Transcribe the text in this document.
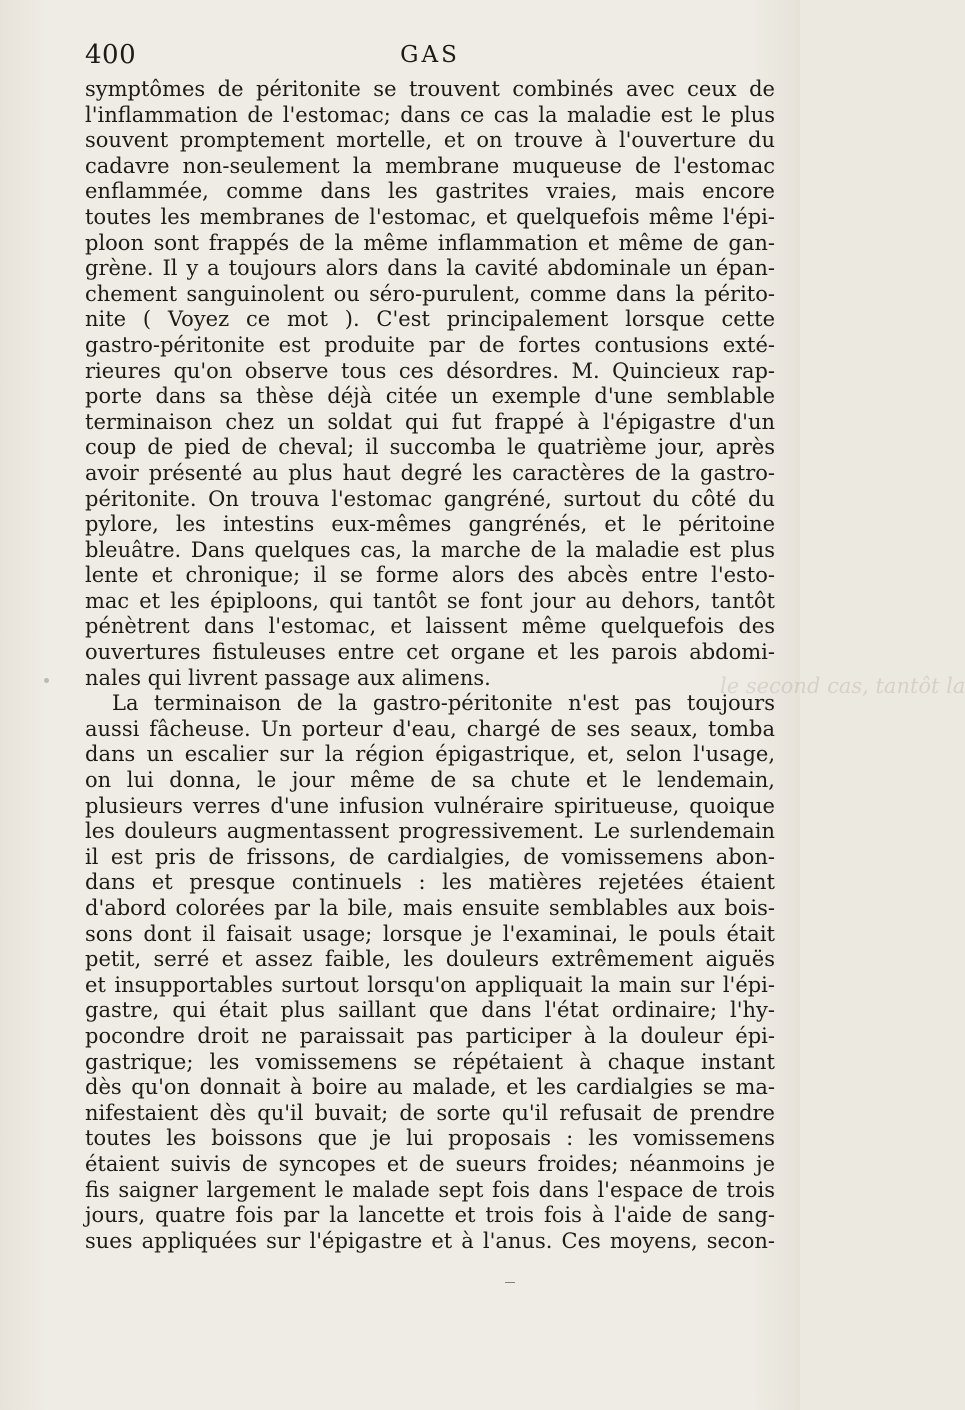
400	GAS
symptômes de péritonite se trouvent combinés avec ceux de
l'inflammation de l'estomac; dans ce cas la maladie est le plus
souvent promptement mortelle, et on trouve à l'ouverture du
cadavre non-seulement la membrane muqueuse de l'estomac
enflammée, comme dans les gastrites vraies, mais encore
toutes les membranes de l'estomac, et quelquefois même l'épi-
ploon sont frappés de la même inflammation et même de gan-
grène. Il y a toujours alors dans la cavité abdominale un épan-
chement sanguinolent ou séro-purulent, comme dans la périto-
nite ( Voyez ce mot ). C'est principalement lorsque cette
gastro-péritonite est produite par de fortes contusions exté-
rieures qu'on observe tous ces désordres. M. Quincieux rap-
porte dans sa thèse déjà citée un exemple d'une semblable
terminaison chez un soldat qui fut frappé à l'épigastre d'un
coup de pied de cheval; il succomba le quatrième jour, après
avoir présenté au plus haut degré les caractères de la gastro-
péritonite. On trouva l'estomac gangréné, surtout du côté du
pylore, les intestins eux-mêmes gangrénés, et le péritoine
bleuâtre. Dans quelques cas, la marche de la maladie est plus
lente et chronique; il se forme alors des abcès entre l'esto-
mac et les épiploons, qui tantôt se font jour au dehors, tantôt
pénètrent dans l'estomac, et laissent même quelquefois des
ouvertures fistuleuses entre cet organe et les parois abdomi-
nales qui livrent passage aux alimens.
La terminaison de la gastro-péritonite n'est pas toujours
aussi fâcheuse. Un porteur d'eau, chargé de ses seaux, tomba
dans un escalier sur la région épigastrique, et, selon l'usage,
on lui donna, le jour même de sa chute et le lendemain,
plusieurs verres d'une infusion vulnéraire spiritueuse, quoique
les douleurs augmentassent progressivement. Le surlendemain
il est pris de frissons, de cardialgies, de vomissemens abon-
dans et presque continuels : les matières rejetées étaient
d'abord colorées par la bile, mais ensuite semblables aux bois-
sons dont il faisait usage; lorsque je l'examinai, le pouls était
petit, serré et assez faible, les douleurs extrêmement aiguës
et insupportables surtout lorsqu'on appliquait la main sur l'épi-
gastre, qui était plus saillant que dans l'état ordinaire; l'hy-
pocondre droit ne paraissait pas participer à la douleur épi-
gastrique; les vomissemens se répétaient à chaque instant
dès qu'on donnait à boire au malade, et les cardialgies se ma-
nifestaient dès qu'il buvait; de sorte qu'il refusait de prendre
toutes les boissons que je lui proposais : les vomissemens
étaient suivis de syncopes et de sueurs froides; néanmoins je
fis saigner largement le malade sept fois dans l'espace de trois
jours, quatre fois par la lancette et trois fois à l'aide de sang-
sues appliquées sur l'épigastre et à l'anus. Ces moyens, secon-
le second cas, tantôt la
